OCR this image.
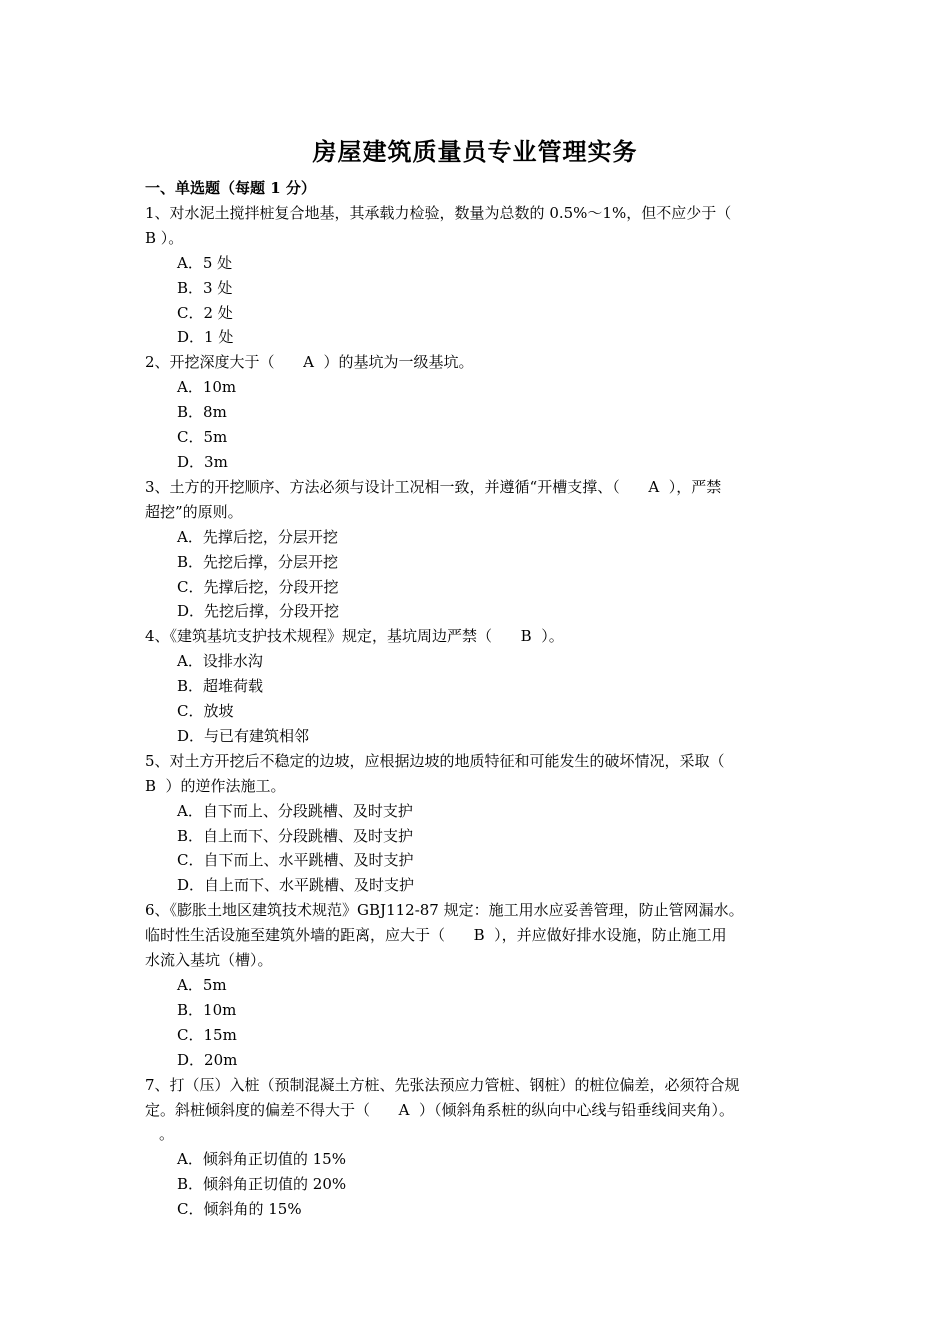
房屋建筑质量员专业管理实务
一、单选题（每题 1 分）
1、对水泥土搅拌桩复合地基，其承载力检验，数量为总数的 0.5%～1%，但不应少于（
B ）。
A．5 处
B．3 处
C．2 处
D．1 处
2、开挖深度大于（      A  ）的基坑为一级基坑。
A．10m
B．8m
C．5m
D．3m
3、土方的开挖顺序、方法必须与设计工况相一致，并遵循“开槽支撑、（      A  ），严禁
超挖”的原则。
A．先撑后挖，分层开挖
B．先挖后撑，分层开挖
C．先撑后挖，分段开挖
D．先挖后撑，分段开挖
4、《建筑基坑支护技术规程》规定，基坑周边严禁（      B  ）。
A．设排水沟
B．超堆荷载
C．放坡
D．与已有建筑相邻
5、对土方开挖后不稳定的边坡，应根据边坡的地质特征和可能发生的破坏情况，采取（
B  ）的逆作法施工。
A．自下而上、分段跳槽、及时支护
B．自上而下、分段跳槽、及时支护
C．自下而上、水平跳槽、及时支护
D．自上而下、水平跳槽、及时支护
6、《膨胀土地区建筑技术规范》GBJ112-87 规定：施工用水应妥善管理，防止管网漏水。
临时性生活设施至建筑外墙的距离，应大于（      B  ），并应做好排水设施，防止施工用
水流入基坑（槽）。
A．5m
B．10m
C．15m
D．20m
7、打（压）入桩（预制混凝土方桩、先张法预应力管桩、钢桩）的桩位偏差，必须符合规
定。斜桩倾斜度的偏差不得大于（      A  ）（倾斜角系桩的纵向中心线与铅垂线间夹角）。
。
A．倾斜角正切值的 15%
B．倾斜角正切值的 20%
C．倾斜角的 15%
